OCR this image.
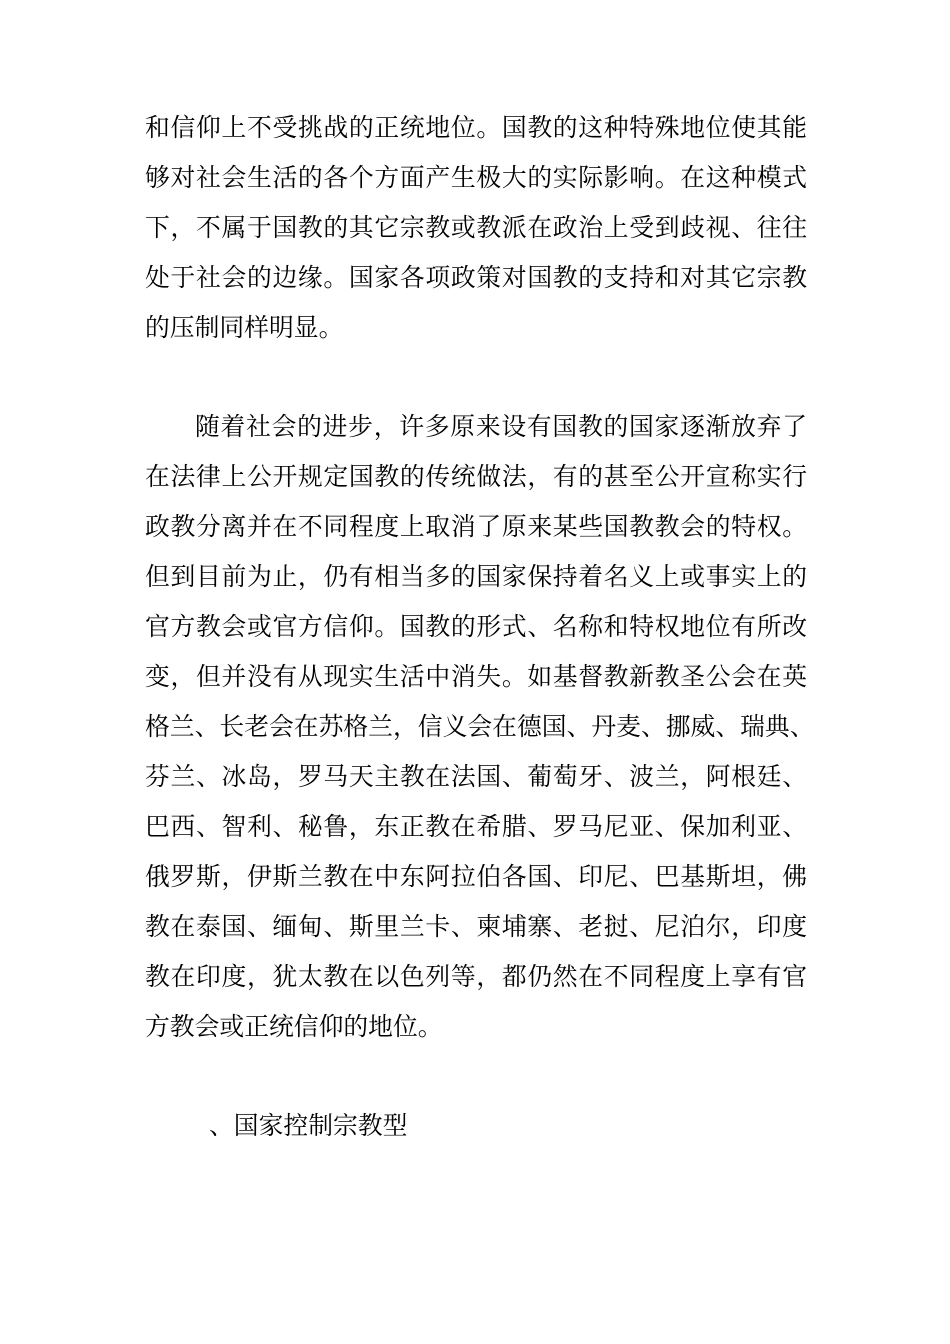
和信仰上不受挑战的正统地位。国教的这种特殊地位使其能
够对社会生活的各个方面产生极大的实际影响。在这种模式
下，不属于国教的其它宗教或教派在政治上受到歧视、往往
处于社会的边缘。国家各项政策对国教的支持和对其它宗教
的压制同样明显。
随着社会的进步，许多原来设有国教的国家逐渐放弃了
在法律上公开规定国教的传统做法，有的甚至公开宣称实行
政教分离并在不同程度上取消了原来某些国教教会的特权。
但到目前为止，仍有相当多的国家保持着名义上或事实上的
官方教会或官方信仰。国教的形式、名称和特权地位有所改
变，但并没有从现实生活中消失。如基督教新教圣公会在英
格兰、长老会在苏格兰，信义会在德国、丹麦、挪威、瑞典、
芬兰、冰岛，罗马天主教在法国、葡萄牙、波兰，阿根廷、
巴西、智利、秘鲁，东正教在希腊、罗马尼亚、保加利亚、
俄罗斯，伊斯兰教在中东阿拉伯各国、印尼、巴基斯坦，佛
教在泰国、缅甸、斯里兰卡、柬埔寨、老挝、尼泊尔，印度
教在印度，犹太教在以色列等，都仍然在不同程度上享有官
方教会或正统信仰的地位。
、国家控制宗教型
